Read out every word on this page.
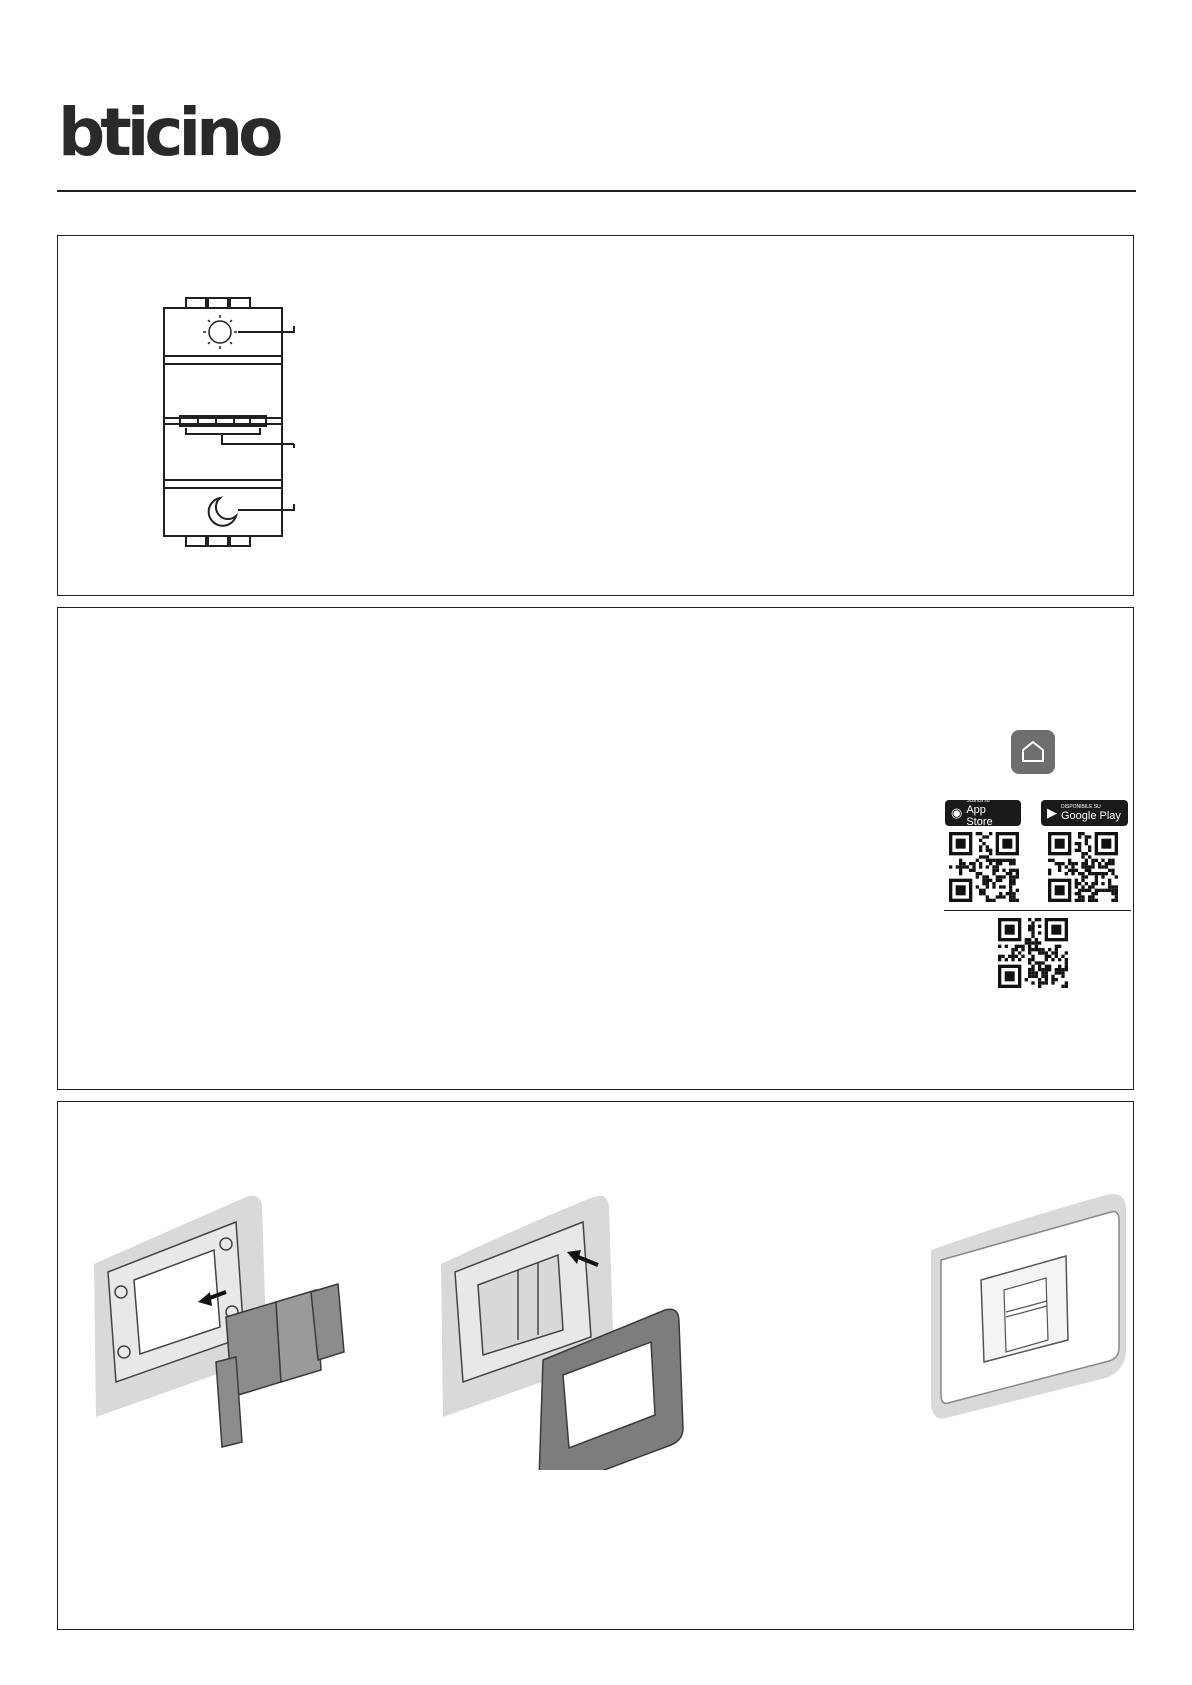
bticino

◉
Scarica su
App Store
▶ DISPONIBILE SU
Google Play
